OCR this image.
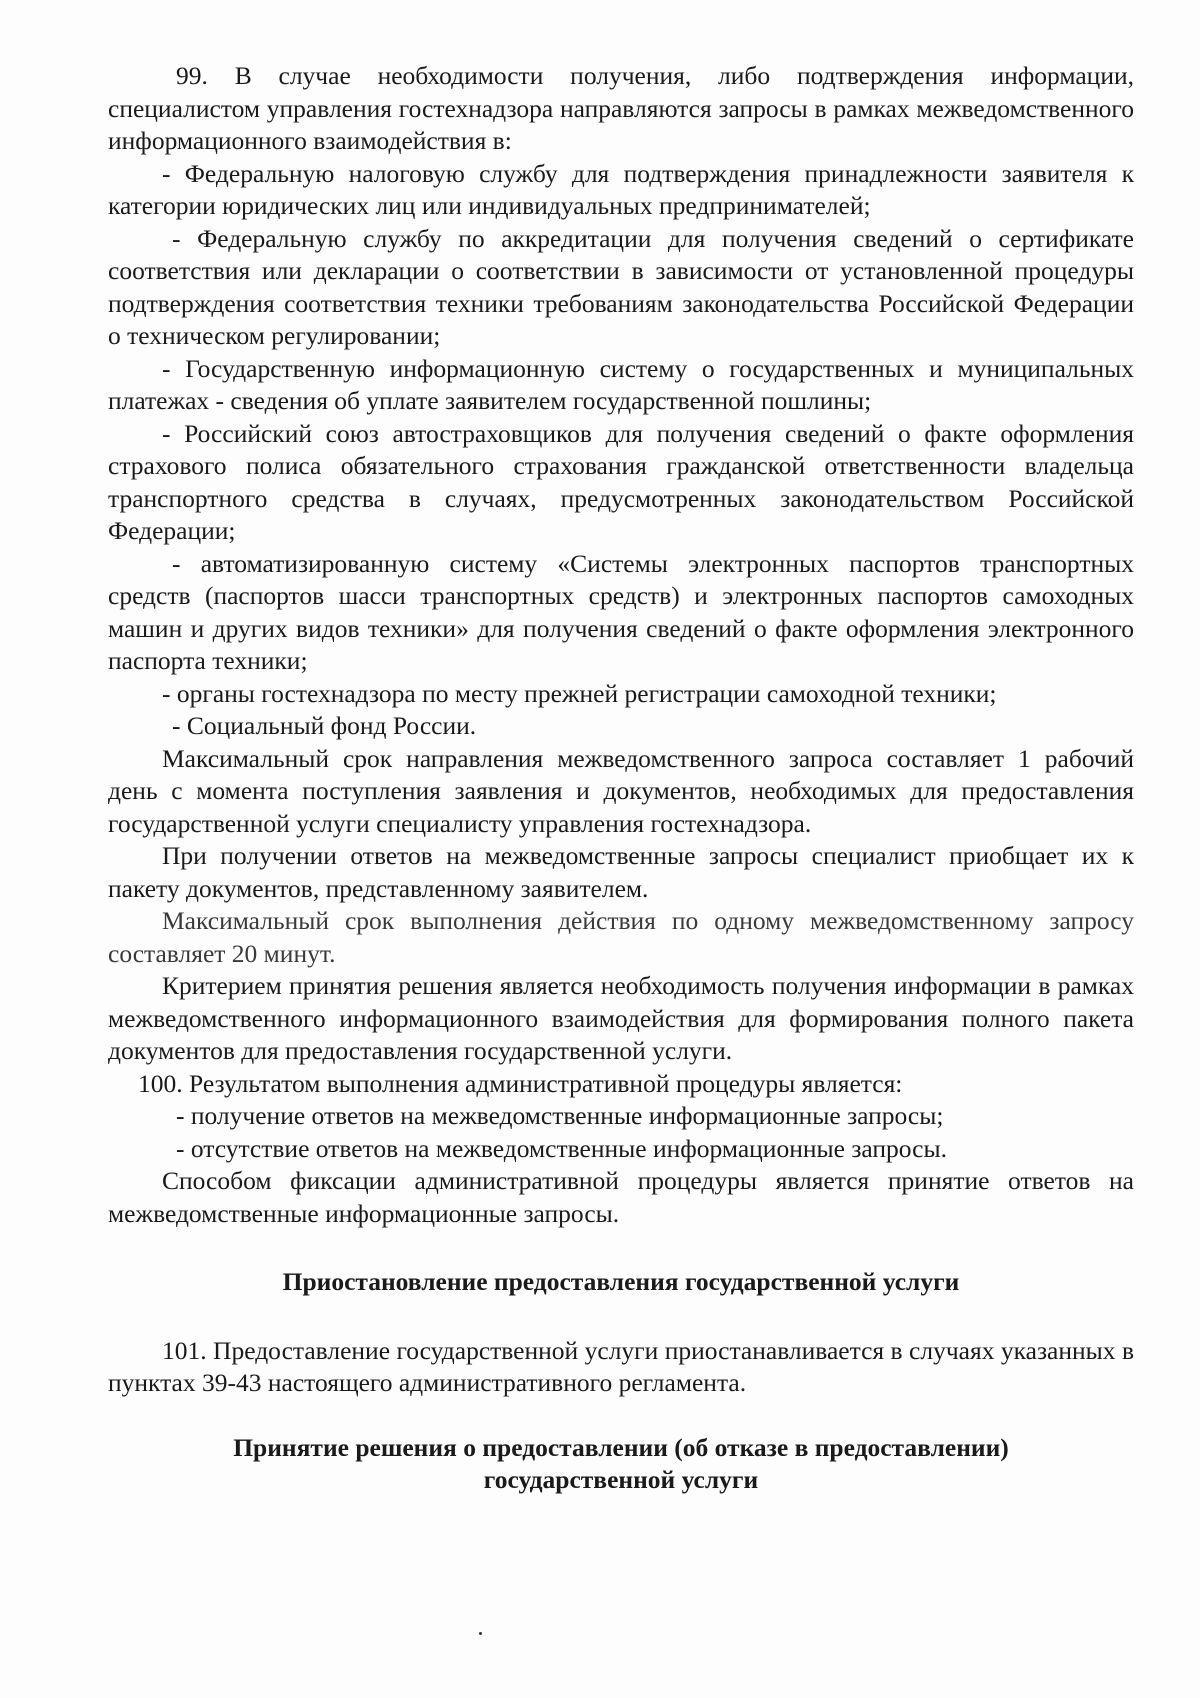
99. В случае необходимости получения, либо подтверждения информации, специалистом управления гостехнадзора направляются запросы в рамках межведомственного информационного взаимодействия в:

- Федеральную налоговую службу для подтверждения принадлежности заявителя к категории юридических лиц или индивидуальных предпринимателей;

- Федеральную службу по аккредитации для получения сведений о сертификате соответствия или декларации о соответствии в зависимости от установленной процедуры подтверждения соответствия техники требованиям законодательства Российской Федерации о техническом регулировании;

- Государственную информационную систему о государственных и муниципальных платежах - сведения об уплате заявителем государственной пошлины;

- Российский союз автостраховщиков для получения сведений о факте оформления страхового полиса обязательного страхования гражданской ответственности владельца транспортного средства в случаях, предусмотренных законодательством Российской Федерации;

- автоматизированную систему «Системы электронных паспортов транспортных средств (паспортов шасси транспортных средств) и электронных паспортов самоходных машин и других видов техники» для получения сведений о факте оформления электронного паспорта техники;

- органы гостехнадзора по месту прежней регистрации самоходной техники;

- Социальный фонд России.

Максимальный срок направления межведомственного запроса составляет 1 рабочий день с момента поступления заявления и документов, необходимых для предоставления государственной услуги специалисту управления гостехнадзора.

При получении ответов на межведомственные запросы специалист приобщает их к пакету документов, представленному заявителем.

Максимальный срок выполнения действия по одному межведомственному запросу составляет 20 минут.

Критерием принятия решения является необходимость получения информации в рамках межведомственного информационного взаимодействия для формирования полного пакета документов для предоставления государственной услуги.

100. Результатом выполнения административной процедуры является:

- получение ответов на межведомственные информационные запросы;

- отсутствие ответов на межведомственные информационные запросы.

Способом фиксации административной процедуры является принятие ответов на межведомственные информационные запросы.

Приостановление предоставления государственной услуги

101. Предоставление государственной услуги приостанавливается в случаях указанных в пунктах 39-43 настоящего административного регламента.

Принятие решения о предоставлении (об отказе в предоставлении)
государственной услуги
